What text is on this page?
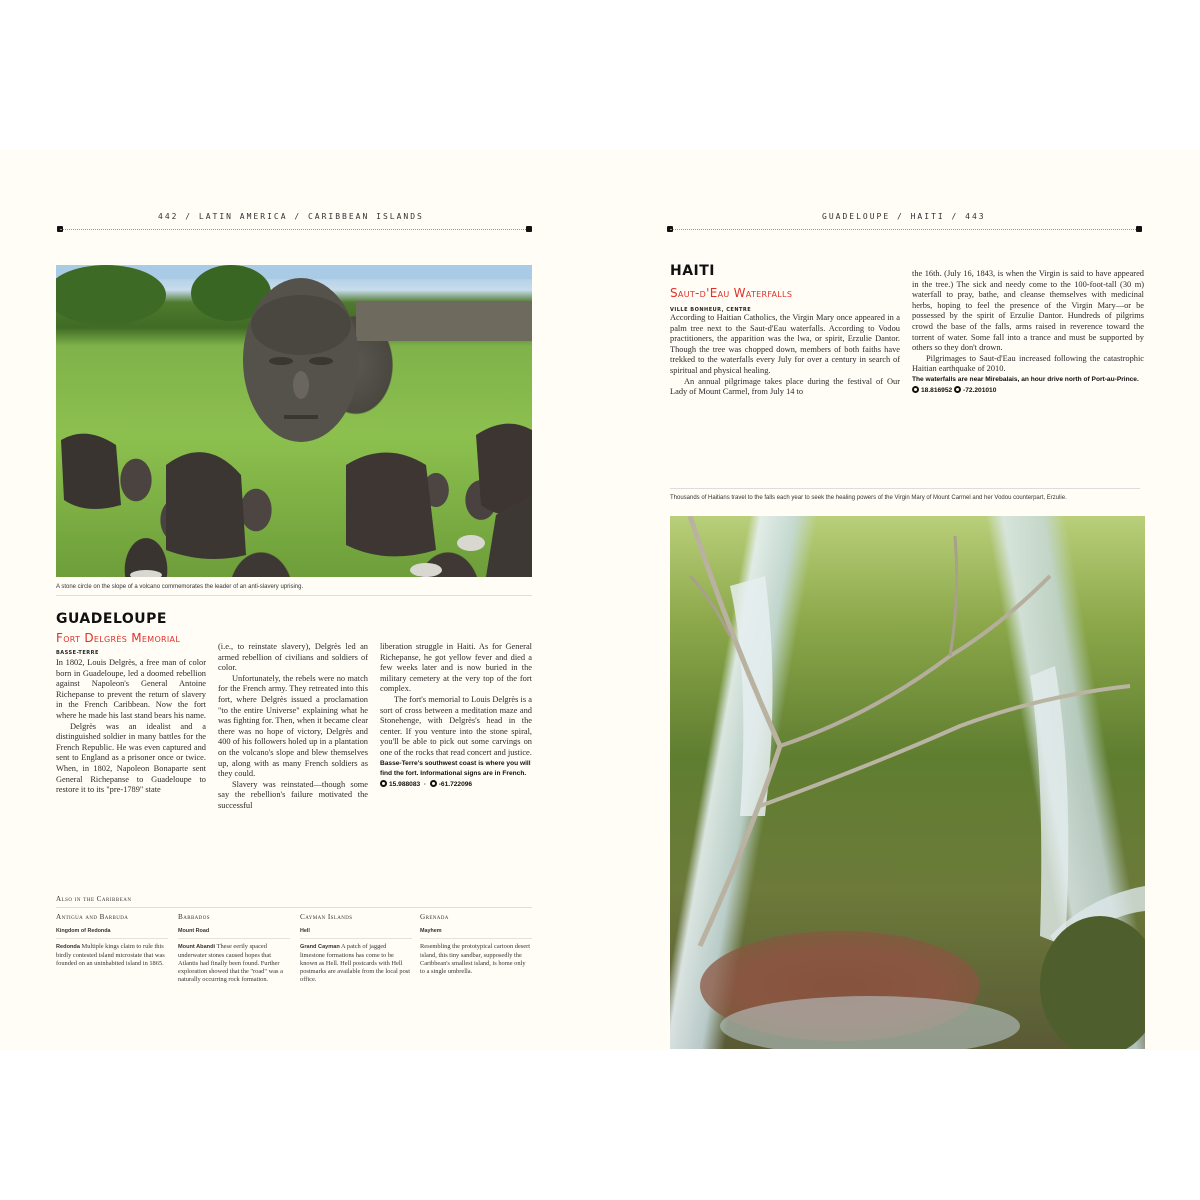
442 / LATIN AMERICA / CARIBBEAN ISLANDS
A stone circle on the slope of a volcano commemorates the leader of an anti-slavery uprising.
GUADELOUPE
Fort Delgrès Memorial
BASSE-TERRE

In 1802, Louis Delgrès, a free man of color born in Guadeloupe, led a doomed rebellion against Napoleon's General Antoine Richepanse to prevent the return of slavery in the French Caribbean. Now the fort where he made his last stand bears his name.

Delgrès was an idealist and a distinguished soldier in many battles for the French Republic. He was even captured and sent to England as a prisoner once or twice. When, in 1802, Napoleon Bonaparte sent General Richepanse to Guadeloupe to restore it to its "pre-1789" state

(i.e., to reinstate slavery), Delgrès led an armed rebellion of civilians and soldiers of color.

Unfortunately, the rebels were no match for the French army. They retreated into this fort, where Delgrès issued a proclamation "to the entire Universe" explaining what he was fighting for. Then, when it became clear there was no hope of victory, Delgrès and 400 of his followers holed up in a plantation on the volcano's slope and blew themselves up, along with as many French soldiers as they could.

Slavery was reinstated—though some say the rebellion's failure motivated the successful

liberation struggle in Haiti. As for General Richepanse, he got yellow fever and died a few weeks later and is now buried in the military cemetery at the very top of the fort complex.

The fort's memorial to Louis Delgrès is a sort of cross between a meditation maze and Stonehenge, with Delgrès's head in the center. If you venture into the stone spiral, you'll be able to pick out some carvings on one of the rocks that read concert and justice.

Basse-Terre's southwest coast is where you will find the fort. Informational signs are in French.
15.988083  ·  -61.722096
Also in the Caribbean
Antigua and Barbuda
Kingdom of Redonda
Redonda Multiple kings claim to rule this birdly contested island microstate that was founded on an uninhabited island in 1865.
Barbados
Mount Road
Mount Abandi These eerily spaced underwater stones caused hopes that Atlantis had finally been found. Further exploration showed that the "road" was a naturally occurring rock formation.
Cayman Islands
Hell
Grand Cayman A patch of jagged limestone formations has come to be known as Hell. Hell postcards with Hell postmarks are available from the local post office.
Grenada
Mayhem
Resembling the prototypical cartoon desert island, this tiny sandbar, supposedly the Caribbean's smallest island, is home only to a single umbrella.
GUADELOUPE / HAITI / 443
HAITI
Saut-d'Eau Waterfalls
VILLE BONHEUR, CENTRE

According to Haitian Catholics, the Virgin Mary once appeared in a palm tree next to the Saut-d'Eau waterfalls. According to Vodou practitioners, the apparition was the lwa, or spirit, Erzulie Dantor. Though the tree was chopped down, members of both faiths have trekked to the waterfalls every July for over a century in search of spiritual and physical healing.

An annual pilgrimage takes place during the festival of Our Lady of Mount Carmel, from July 14 to

the 16th. (July 16, 1843, is when the Virgin is said to have appeared in the tree.) The sick and needy come to the 100-foot-tall (30 m) waterfall to pray, bathe, and cleanse themselves with medicinal herbs, hoping to feel the presence of the Virgin Mary—or be possessed by the spirit of Erzulie Dantor. Hundreds of pilgrims crowd the base of the falls, arms raised in reverence toward the torrent of water. Some fall into a trance and must be supported by others so they don't drown.

Pilgrimages to Saut-d'Eau increased following the catastrophic Haitian earthquake of 2010.

The waterfalls are near Mirebalais, an hour drive north of Port-au-Prince.
18.816952 -72.201010
Thousands of Haitians travel to the falls each year to seek the healing powers of the Virgin Mary of Mount Carmel and her Vodou counterpart, Erzulie.
